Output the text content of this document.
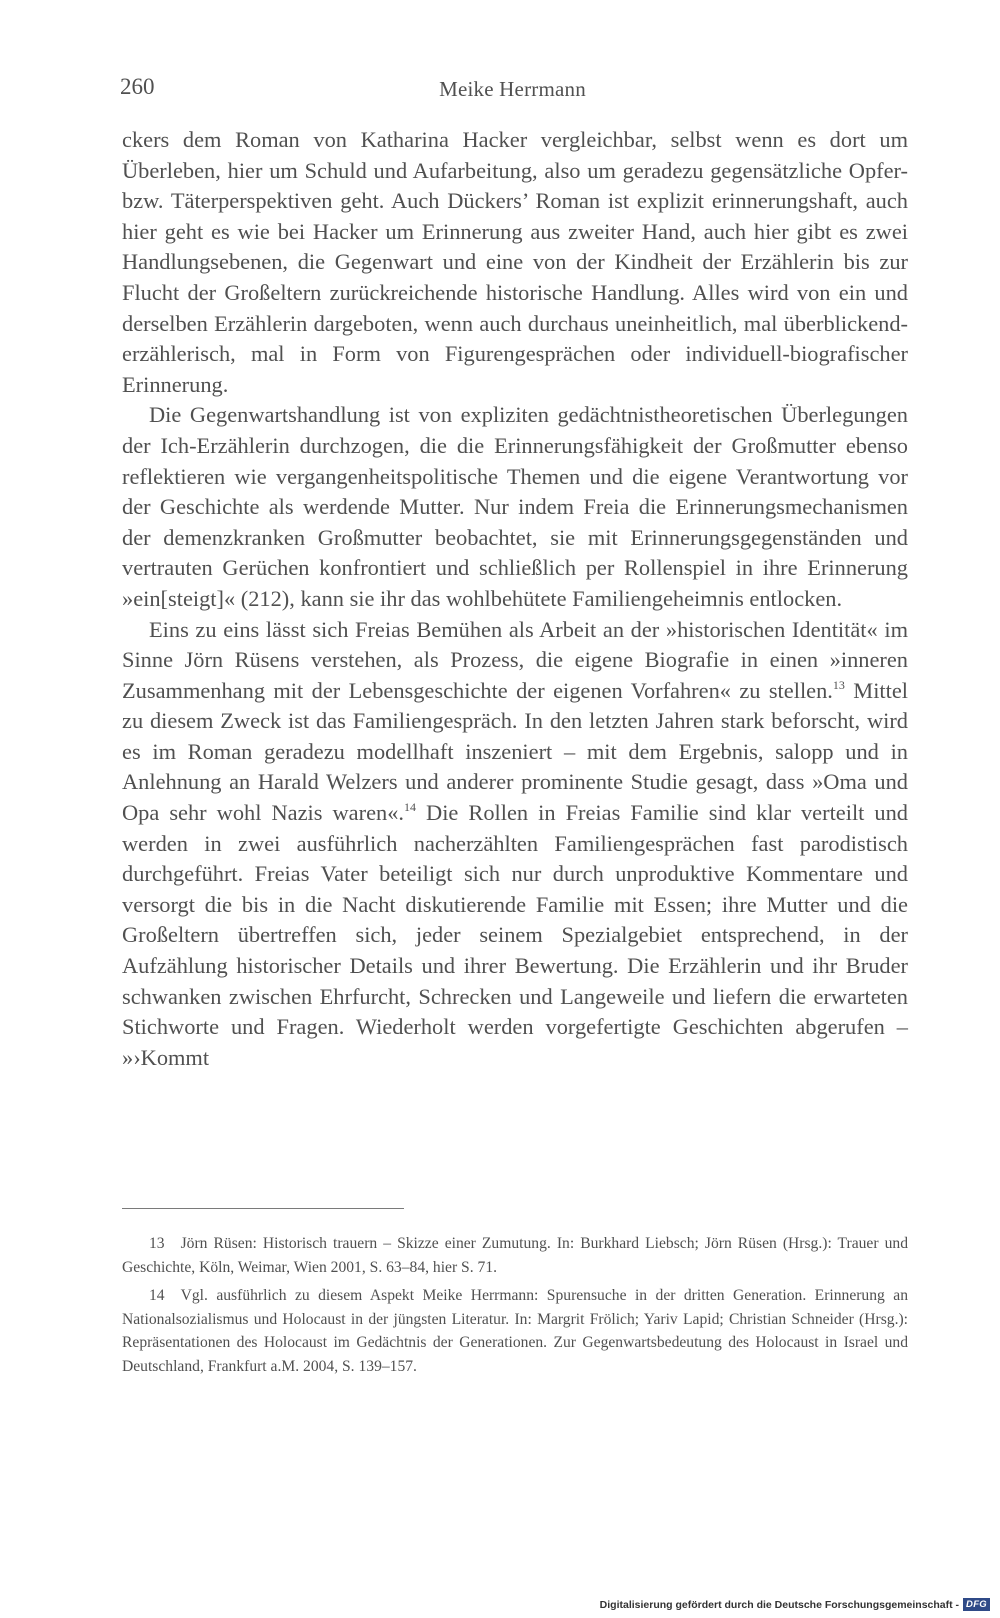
260	Meike Herrmann

ckers dem Roman von Katharina Hacker vergleichbar, selbst wenn es dort um Überleben, hier um Schuld und Aufarbeitung, also um geradezu gegensätzliche Opfer- bzw. Täterperspektiven geht. Auch Dückers’ Roman ist explizit erinnerungshaft, auch hier geht es wie bei Hacker um Erinnerung aus zweiter Hand, auch hier gibt es zwei Handlungsebenen, die Gegenwart und eine von der Kindheit der Erzählerin bis zur Flucht der Großeltern zurückreichende historische Handlung. Alles wird von ein und derselben Erzählerin dargeboten, wenn auch durchaus uneinheitlich, mal überblickend-erzählerisch, mal in Form von Figurengesprächen oder individuell-biografischer Erinnerung.

Die Gegenwartshandlung ist von expliziten gedächtnistheoretischen Überlegungen der Ich-Erzählerin durchzogen, die die Erinnerungsfähigkeit der Großmutter ebenso reflektieren wie vergangenheitspolitische Themen und die eigene Verantwortung vor der Geschichte als werdende Mutter. Nur indem Freia die Erinnerungsmechanismen der demenzkranken Großmutter beobachtet, sie mit Erinnerungsgegenständen und vertrauten Gerüchen konfrontiert und schließlich per Rollenspiel in ihre Erinnerung »ein[steigt]« (212), kann sie ihr das wohlbehütete Familiengeheimnis entlocken.

Eins zu eins lässt sich Freias Bemühen als Arbeit an der »historischen Identität« im Sinne Jörn Rüsens verstehen, als Prozess, die eigene Biografie in einen »inneren Zusammenhang mit der Lebensgeschichte der eigenen Vorfahren« zu stellen.$^{13}$ Mittel zu diesem Zweck ist das Familiengespräch. In den letzten Jahren stark beforscht, wird es im Roman geradezu modellhaft inszeniert – mit dem Ergebnis, salopp und in Anlehnung an Harald Welzers und anderer prominente Studie gesagt, dass »Oma und Opa sehr wohl Nazis waren«.$^{14}$ Die Rollen in Freias Familie sind klar verteilt und werden in zwei ausführlich nacherzählten Familiengesprächen fast parodistisch durchgeführt. Freias Vater beteiligt sich nur durch unproduktive Kommentare und versorgt die bis in die Nacht diskutierende Familie mit Essen; ihre Mutter und die Großeltern übertreffen sich, jeder seinem Spezialgebiet entsprechend, in der Aufzählung historischer Details und ihrer Bewertung. Die Erzählerin und ihr Bruder schwanken zwischen Ehrfurcht, Schrecken und Langeweile und liefern die erwarteten Stichworte und Fragen. Wiederholt werden vorgefertigte Geschichten abgerufen – »›Kommt

13 Jörn Rüsen: Historisch trauern – Skizze einer Zumutung. In: Burkhard Liebsch; Jörn Rüsen (Hrsg.): Trauer und Geschichte, Köln, Weimar, Wien 2001, S. 63–84, hier S. 71.

14 Vgl. ausführlich zu diesem Aspekt Meike Herrmann: Spurensuche in der dritten Generation. Erinnerung an Nationalsozialismus und Holocaust in der jüngsten Literatur. In: Margrit Frölich; Yariv Lapid; Christian Schneider (Hrsg.): Repräsentationen des Holocaust im Gedächtnis der Generationen. Zur Gegenwartsbedeutung des Holocaust in Israel und Deutschland, Frankfurt a.M. 2004, S. 139–157.

Digitalisierung gefördert durch die Deutsche Forschungsgemeinschaft - DFG
